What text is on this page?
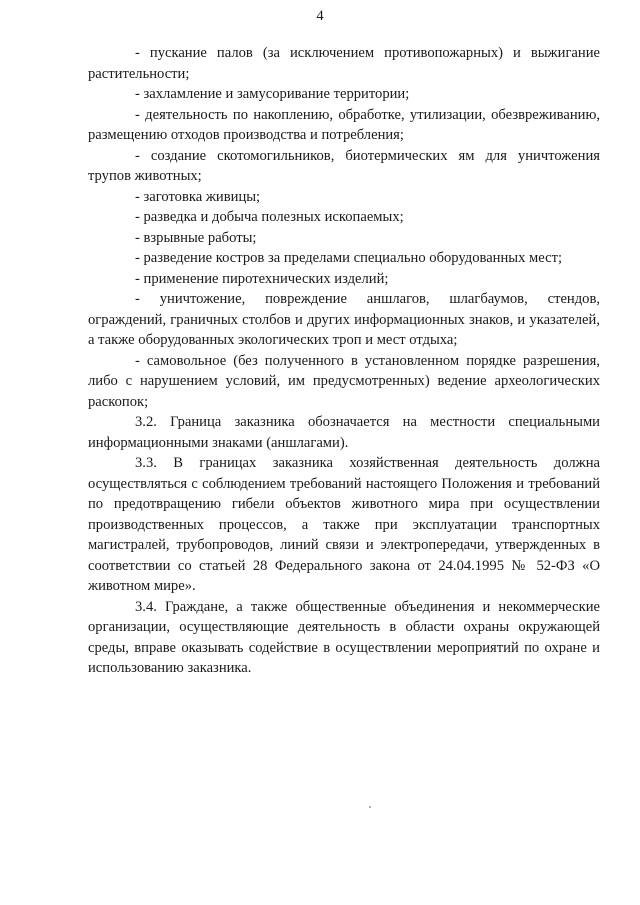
4

- пускание палов (за исключением противопожарных) и выжигание растительности;

- захламление и замусоривание территории;

- деятельность по накоплению, обработке, утилизации, обезвреживанию, размещению отходов производства и потребления;

- создание скотомогильников, биотермических ям для уничтожения трупов животных;

- заготовка живицы;

- разведка и добыча полезных ископаемых;

- взрывные работы;

- разведение костров за пределами специально оборудованных мест;

- применение пиротехнических изделий;

- уничтожение, повреждение аншлагов, шлагбаумов, стендов, ограждений, граничных столбов и других информационных знаков, и указателей, а также оборудованных экологических троп и мест отдыха;

- самовольное (без полученного в установленном порядке разрешения, либо с нарушением условий, им предусмотренных) ведение археологических раскопок;

3.2. Граница заказника обозначается на местности специальными информационными знаками (аншлагами).

3.3. В границах заказника хозяйственная деятельность должна осуществляться с соблюдением требований настоящего Положения и требований по предотвращению гибели объектов животного мира при осуществлении производственных процессов, а также при эксплуатации транспортных магистралей, трубопроводов, линий связи и электропередачи, утвержденных в соответствии со статьей 28 Федерального закона от 24.04.1995 № 52-ФЗ «О животном мире».

3.4. Граждане, а также общественные объединения и некоммерческие организации, осуществляющие деятельность в области охраны окружающей среды, вправе оказывать содействие в осуществлении мероприятий по охране и использованию заказника.
